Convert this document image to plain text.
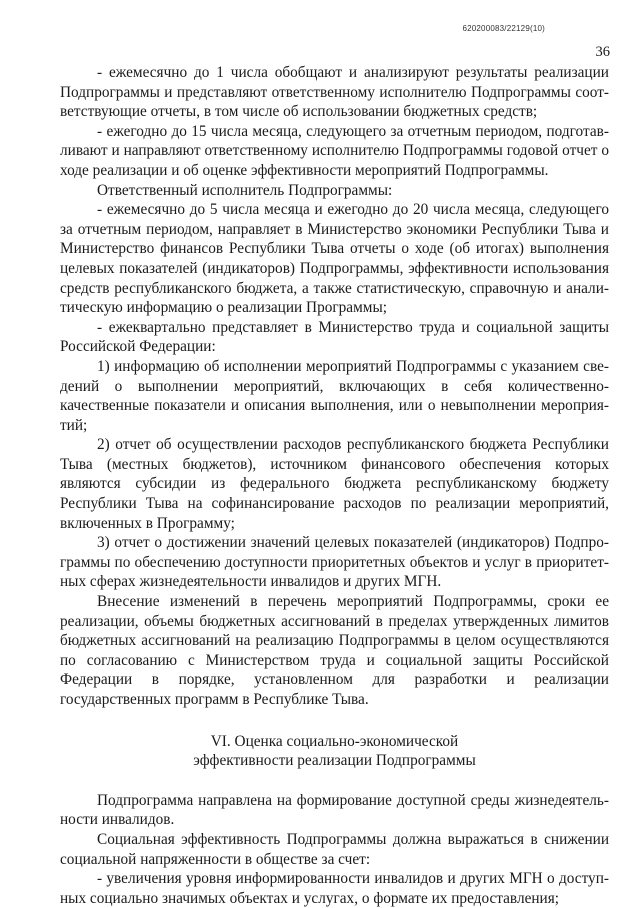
620200083/22129(10)
36

- ежемесячно до 1 числа обобщают и анализируют результаты реализации Подпрограммы и представляют ответственному исполнителю Подпрограммы соответствующие отчеты, в том числе об использовании бюджетных средств;

- ежегодно до 15 числа месяца, следующего за отчетным периодом, подготавливают и направляют ответственному исполнителю Подпрограммы годовой отчет о ходе реализации и об оценке эффективности мероприятий Подпрограммы.

Ответственный исполнитель Подпрограммы:

- ежемесячно до 5 числа месяца и ежегодно до 20 числа месяца, следующего за отчетным периодом, направляет в Министерство экономики Республики Тыва и Министерство финансов Республики Тыва отчеты о ходе (об итогах) выполнения целевых показателей (индикаторов) Подпрограммы, эффективности использования средств республиканского бюджета, а также статистическую, справочную и аналитическую информацию о реализации Программы;

- ежеквартально представляет в Министерство труда и социальной защиты Российской Федерации:

1) информацию об исполнении мероприятий Подпрограммы с указанием сведений о выполнении мероприятий, включающих в себя количественно-качественные показатели и описания выполнения, или о невыполнении мероприятий;

2) отчет об осуществлении расходов республиканского бюджета Республики Тыва (местных бюджетов), источником финансового обеспечения которых являются субсидии из федерального бюджета республиканскому бюджету Республики Тыва на софинансирование расходов по реализации мероприятий, включенных в Программу;

3) отчет о достижении значений целевых показателей (индикаторов) Подпрограммы по обеспечению доступности приоритетных объектов и услуг в приоритетных сферах жизнедеятельности инвалидов и других МГН.

Внесение изменений в перечень мероприятий Подпрограммы, сроки ее реализации, объемы бюджетных ассигнований в пределах утвержденных лимитов бюджетных ассигнований на реализацию Подпрограммы в целом осуществляются по согласованию с Министерством труда и социальной защиты Российской Федерации в порядке, установленном для разработки и реализации государственных программ в Республике Тыва.

VI. Оценка социально-экономической
эффективности реализации Подпрограммы

Подпрограмма направлена на формирование доступной среды жизнедеятельности инвалидов.

Социальная эффективность Подпрограммы должна выражаться в снижении социальной напряженности в обществе за счет:

- увеличения уровня информированности инвалидов и других МГН о доступных социально значимых объектах и услугах, о формате их предоставления;
